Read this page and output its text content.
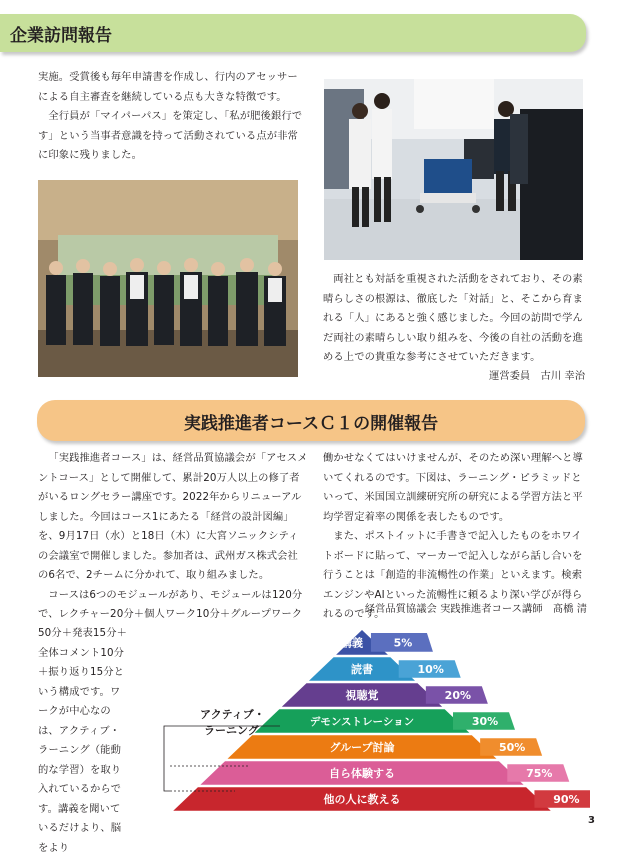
企業訪問報告

実施。受賞後も毎年申請書を作成し、行内のアセッサーによる自主審査を継続している点も大きな特徴です。

全行員が「マイパーパス」を策定し、「私が肥後銀行です」という当事者意識を持って活動されている点が非常に印象に残りました。

両社とも対話を重視された活動をされており、その素晴らしさの根源は、徹底した「対話」と、そこから育まれる「人」にあると強く感じました。今回の訪問で学んだ両社の素晴らしい取り組みを、今後の自社の活動を進める上での貴重な参考にさせていただきます。

運営委員　古川 幸治
実践推進者コースＣ１の開催報告

「実践推進者コース」は、経営品質協議会が「アセスメントコース」として開催して、累計20万人以上の修了者がいるロングセラー講座です。2022年からリニューアルしました。今回はコース1にあたる「経営の設計図編」を、9月17日（水）と18日（木）に大宮ソニックシティの会議室で開催しました。参加者は、武州ガス株式会社の6名で、2チームに分かれて、取り組みました。

コースは6つのモジュールがあり、モジュールは120分で、レクチャー20分＋個人ワーク10分＋グループワーク

50分＋発表15分＋全体コメント10分＋振り返り15分という構成です。ワークが中心なのは、アクティブ・ラーニング（能動的な学習）を取り入れているからです。講義を聞いているだけより、脳をより

働かせなくてはいけませんが、そのため深い理解へと導いてくれるのです。下図は、ラーニング・ピラミッドといって、米国国立訓練研究所の研究による学習方法と平均学習定着率の関係を表したものです。

また、ポストイットに手書きで記入したものをホワイトボードに貼って、マーカーで記入しながら話し合いを行うことは「創造的非流暢性の作業」といえます。検索エンジンやAIといった流暢性に頼るより深い学びが得られるのです。

経営品質協議会 実践推進者コース講師　髙橋 清
講義
読書
視聴覚
デモンストレーション
グループ討論
自ら体験する
他の人に教える
5%
10%
20%
30%
50%
75%
90%
アクティブ・
ラーニング
3
